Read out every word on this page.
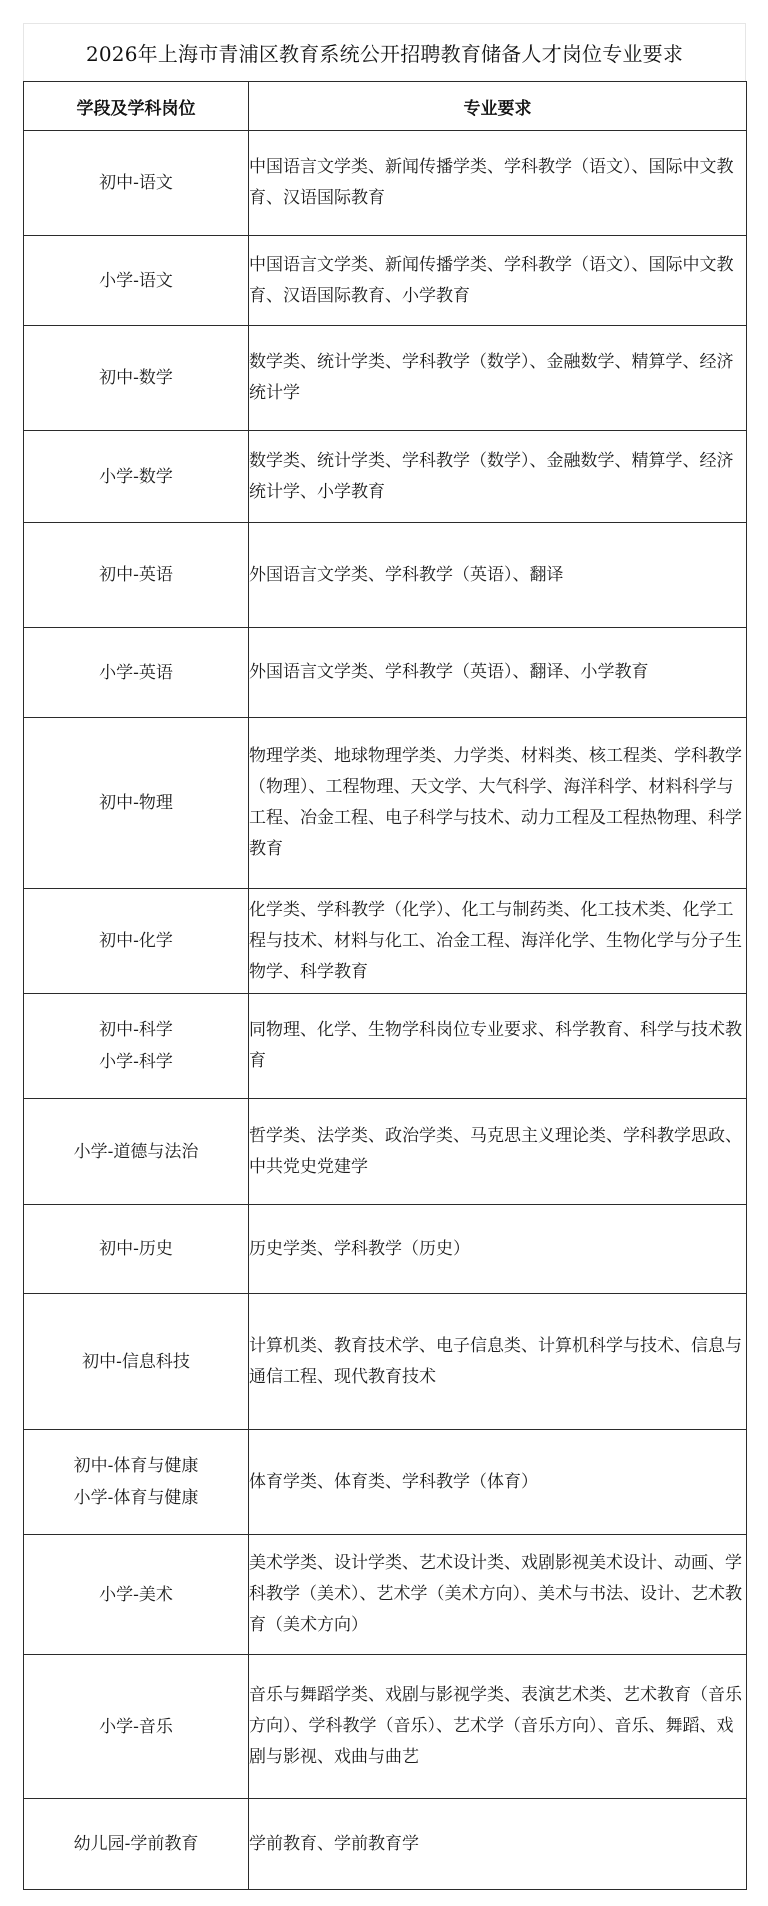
2026年上海市青浦区教育系统公开招聘教育储备人才岗位专业要求
学段及学科岗位	专业要求

初中-语文	中国语言文学类、新闻传播学类、学科教学（语文）、国际中文教育、汉语国际教育

小学-语文	中国语言文学类、新闻传播学类、学科教学（语文）、国际中文教育、汉语国际教育、小学教育

初中-数学	数学类、统计学类、学科教学（数学）、金融数学、精算学、经济统计学

小学-数学	数学类、统计学类、学科教学（数学）、金融数学、精算学、经济统计学、小学教育

初中-英语	外国语言文学类、学科教学（英语）、翻译

小学-英语	外国语言文学类、学科教学（英语）、翻译、小学教育

初中-物理	物理学类、地球物理学类、力学类、材料类、核工程类、学科教学（物理）、工程物理、天文学、大气科学、海洋科学、材料科学与工程、冶金工程、电子科学与技术、动力工程及工程热物理、科学教育

初中-化学	化学类、学科教学（化学）、化工与制药类、化工技术类、化学工程与技术、材料与化工、冶金工程、海洋化学、生物化学与分子生物学、科学教育

初中-科学
小学-科学	同物理、化学、生物学科岗位专业要求、科学教育、科学与技术教育

小学-道德与法治	哲学类、法学类、政治学类、马克思主义理论类、学科教学思政、中共党史党建学

初中-历史	历史学类、学科教学（历史）

初中-信息科技	计算机类、教育技术学、电子信息类、计算机科学与技术、信息与通信工程、现代教育技术

初中-体育与健康
小学-体育与健康	体育学类、体育类、学科教学（体育）

小学-美术	美术学类、设计学类、艺术设计类、戏剧影视美术设计、动画、学科教学（美术）、艺术学（美术方向）、美术与书法、设计、艺术教育（美术方向）

小学-音乐	音乐与舞蹈学类、戏剧与影视学类、表演艺术类、艺术教育（音乐方向）、学科教学（音乐）、艺术学（音乐方向）、音乐、舞蹈、戏剧与影视、戏曲与曲艺

幼儿园-学前教育	学前教育、学前教育学
